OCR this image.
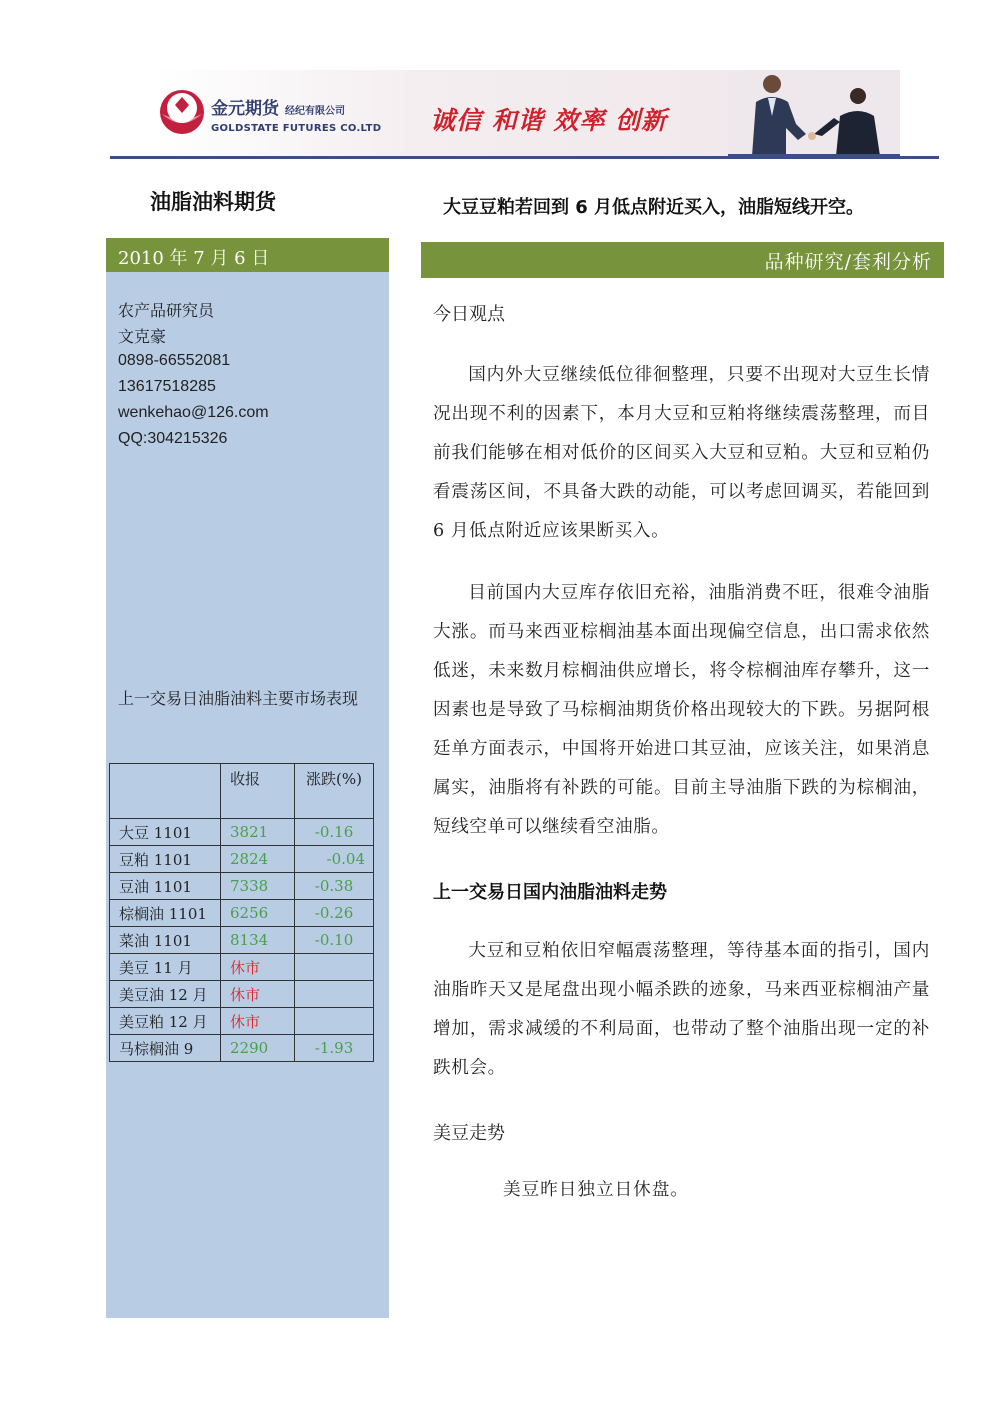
金元期货 经纪有限公司
GOLDSTATE FUTURES CO.LTD 诚信 和谐 效率 创新
油脂油料期货	大豆豆粕若回到 6 月低点附近买入，油脂短线开空。
2010 年 7 月 6 日
农产品研究员
文克豪
0898-66552081
13617518285
wenkehao@126.com
QQ:304215326
上一交易日油脂油料主要市场表现
	收报	涨跌(%)
大豆 1101	3821	-0.16
豆粕 1101	2824	-0.04
豆油 1101	7338	-0.38
棕榈油 1101	6256	-0.26
菜油 1101	8134	-0.10
美豆 11 月	休市	
美豆油 12 月	休市	
美豆粕 12 月	休市	
马棕榈油 9	2290	-1.93
品种研究/套利分析
今日观点

国内外大豆继续低位徘徊整理，只要不出现对大豆生长情况出现不利的因素下，本月大豆和豆粕将继续震荡整理，而目前我们能够在相对低价的区间买入大豆和豆粕。大豆和豆粕仍看震荡区间，不具备大跌的动能，可以考虑回调买，若能回到 6 月低点附近应该果断买入。

目前国内大豆库存依旧充裕，油脂消费不旺，很难令油脂大涨。而马来西亚棕榈油基本面出现偏空信息，出口需求依然低迷，未来数月棕榈油供应增长，将令棕榈油库存攀升，这一因素也是导致了马棕榈油期货价格出现较大的下跌。另据阿根廷单方面表示，中国将开始进口其豆油，应该关注，如果消息属实，油脂将有补跌的可能。目前主导油脂下跌的为棕榈油，短线空单可以继续看空油脂。

上一交易日国内油脂油料走势

大豆和豆粕依旧窄幅震荡整理，等待基本面的指引，国内油脂昨天又是尾盘出现小幅杀跌的迹象，马来西亚棕榈油产量增加，需求减缓的不利局面，也带动了整个油脂出现一定的补跌机会。

美豆走势
美豆昨日独立日休盘。
